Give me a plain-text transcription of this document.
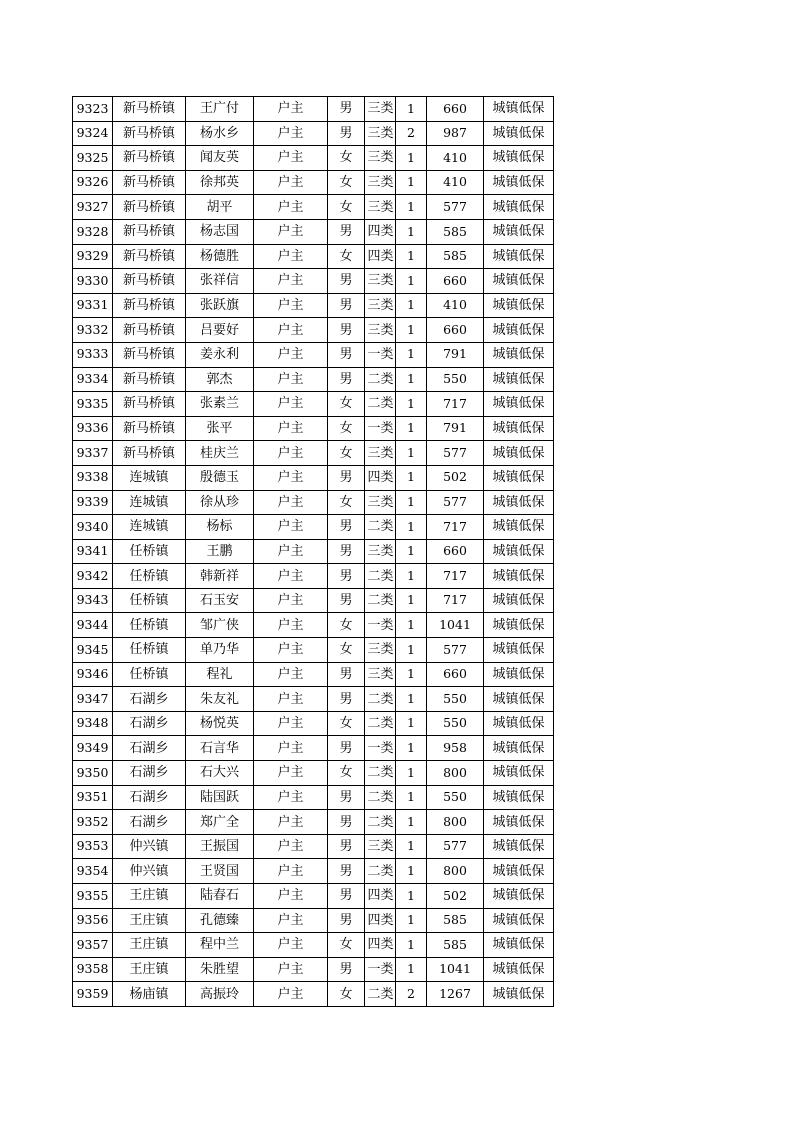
9323	新马桥镇	王广付	户主	男	三类	1	660	城镇低保
9324	新马桥镇	杨水乡	户主	男	三类	2	987	城镇低保
9325	新马桥镇	闻友英	户主	女	三类	1	410	城镇低保
9326	新马桥镇	徐邦英	户主	女	三类	1	410	城镇低保
9327	新马桥镇	胡平	户主	女	三类	1	577	城镇低保
9328	新马桥镇	杨志国	户主	男	四类	1	585	城镇低保
9329	新马桥镇	杨德胜	户主	女	四类	1	585	城镇低保
9330	新马桥镇	张祥信	户主	男	三类	1	660	城镇低保
9331	新马桥镇	张跃旗	户主	男	三类	1	410	城镇低保
9332	新马桥镇	吕要好	户主	男	三类	1	660	城镇低保
9333	新马桥镇	姜永利	户主	男	一类	1	791	城镇低保
9334	新马桥镇	郭杰	户主	男	二类	1	550	城镇低保
9335	新马桥镇	张素兰	户主	女	二类	1	717	城镇低保
9336	新马桥镇	张平	户主	女	一类	1	791	城镇低保
9337	新马桥镇	桂庆兰	户主	女	三类	1	577	城镇低保
9338	连城镇	殷德玉	户主	男	四类	1	502	城镇低保
9339	连城镇	徐从珍	户主	女	三类	1	577	城镇低保
9340	连城镇	杨标	户主	男	二类	1	717	城镇低保
9341	任桥镇	王鹏	户主	男	三类	1	660	城镇低保
9342	任桥镇	韩新祥	户主	男	二类	1	717	城镇低保
9343	任桥镇	石玉安	户主	男	二类	1	717	城镇低保
9344	任桥镇	邹广侠	户主	女	一类	1	1041	城镇低保
9345	任桥镇	单乃华	户主	女	三类	1	577	城镇低保
9346	任桥镇	程礼	户主	男	三类	1	660	城镇低保
9347	石湖乡	朱友礼	户主	男	二类	1	550	城镇低保
9348	石湖乡	杨悦英	户主	女	二类	1	550	城镇低保
9349	石湖乡	石言华	户主	男	一类	1	958	城镇低保
9350	石湖乡	石大兴	户主	女	二类	1	800	城镇低保
9351	石湖乡	陆国跃	户主	男	二类	1	550	城镇低保
9352	石湖乡	郑广全	户主	男	二类	1	800	城镇低保
9353	仲兴镇	王振国	户主	男	三类	1	577	城镇低保
9354	仲兴镇	王贤国	户主	男	二类	1	800	城镇低保
9355	王庄镇	陆春石	户主	男	四类	1	502	城镇低保
9356	王庄镇	孔德臻	户主	男	四类	1	585	城镇低保
9357	王庄镇	程中兰	户主	女	四类	1	585	城镇低保
9358	王庄镇	朱胜望	户主	男	一类	1	1041	城镇低保
9359	杨庙镇	高振玲	户主	女	二类	2	1267	城镇低保
